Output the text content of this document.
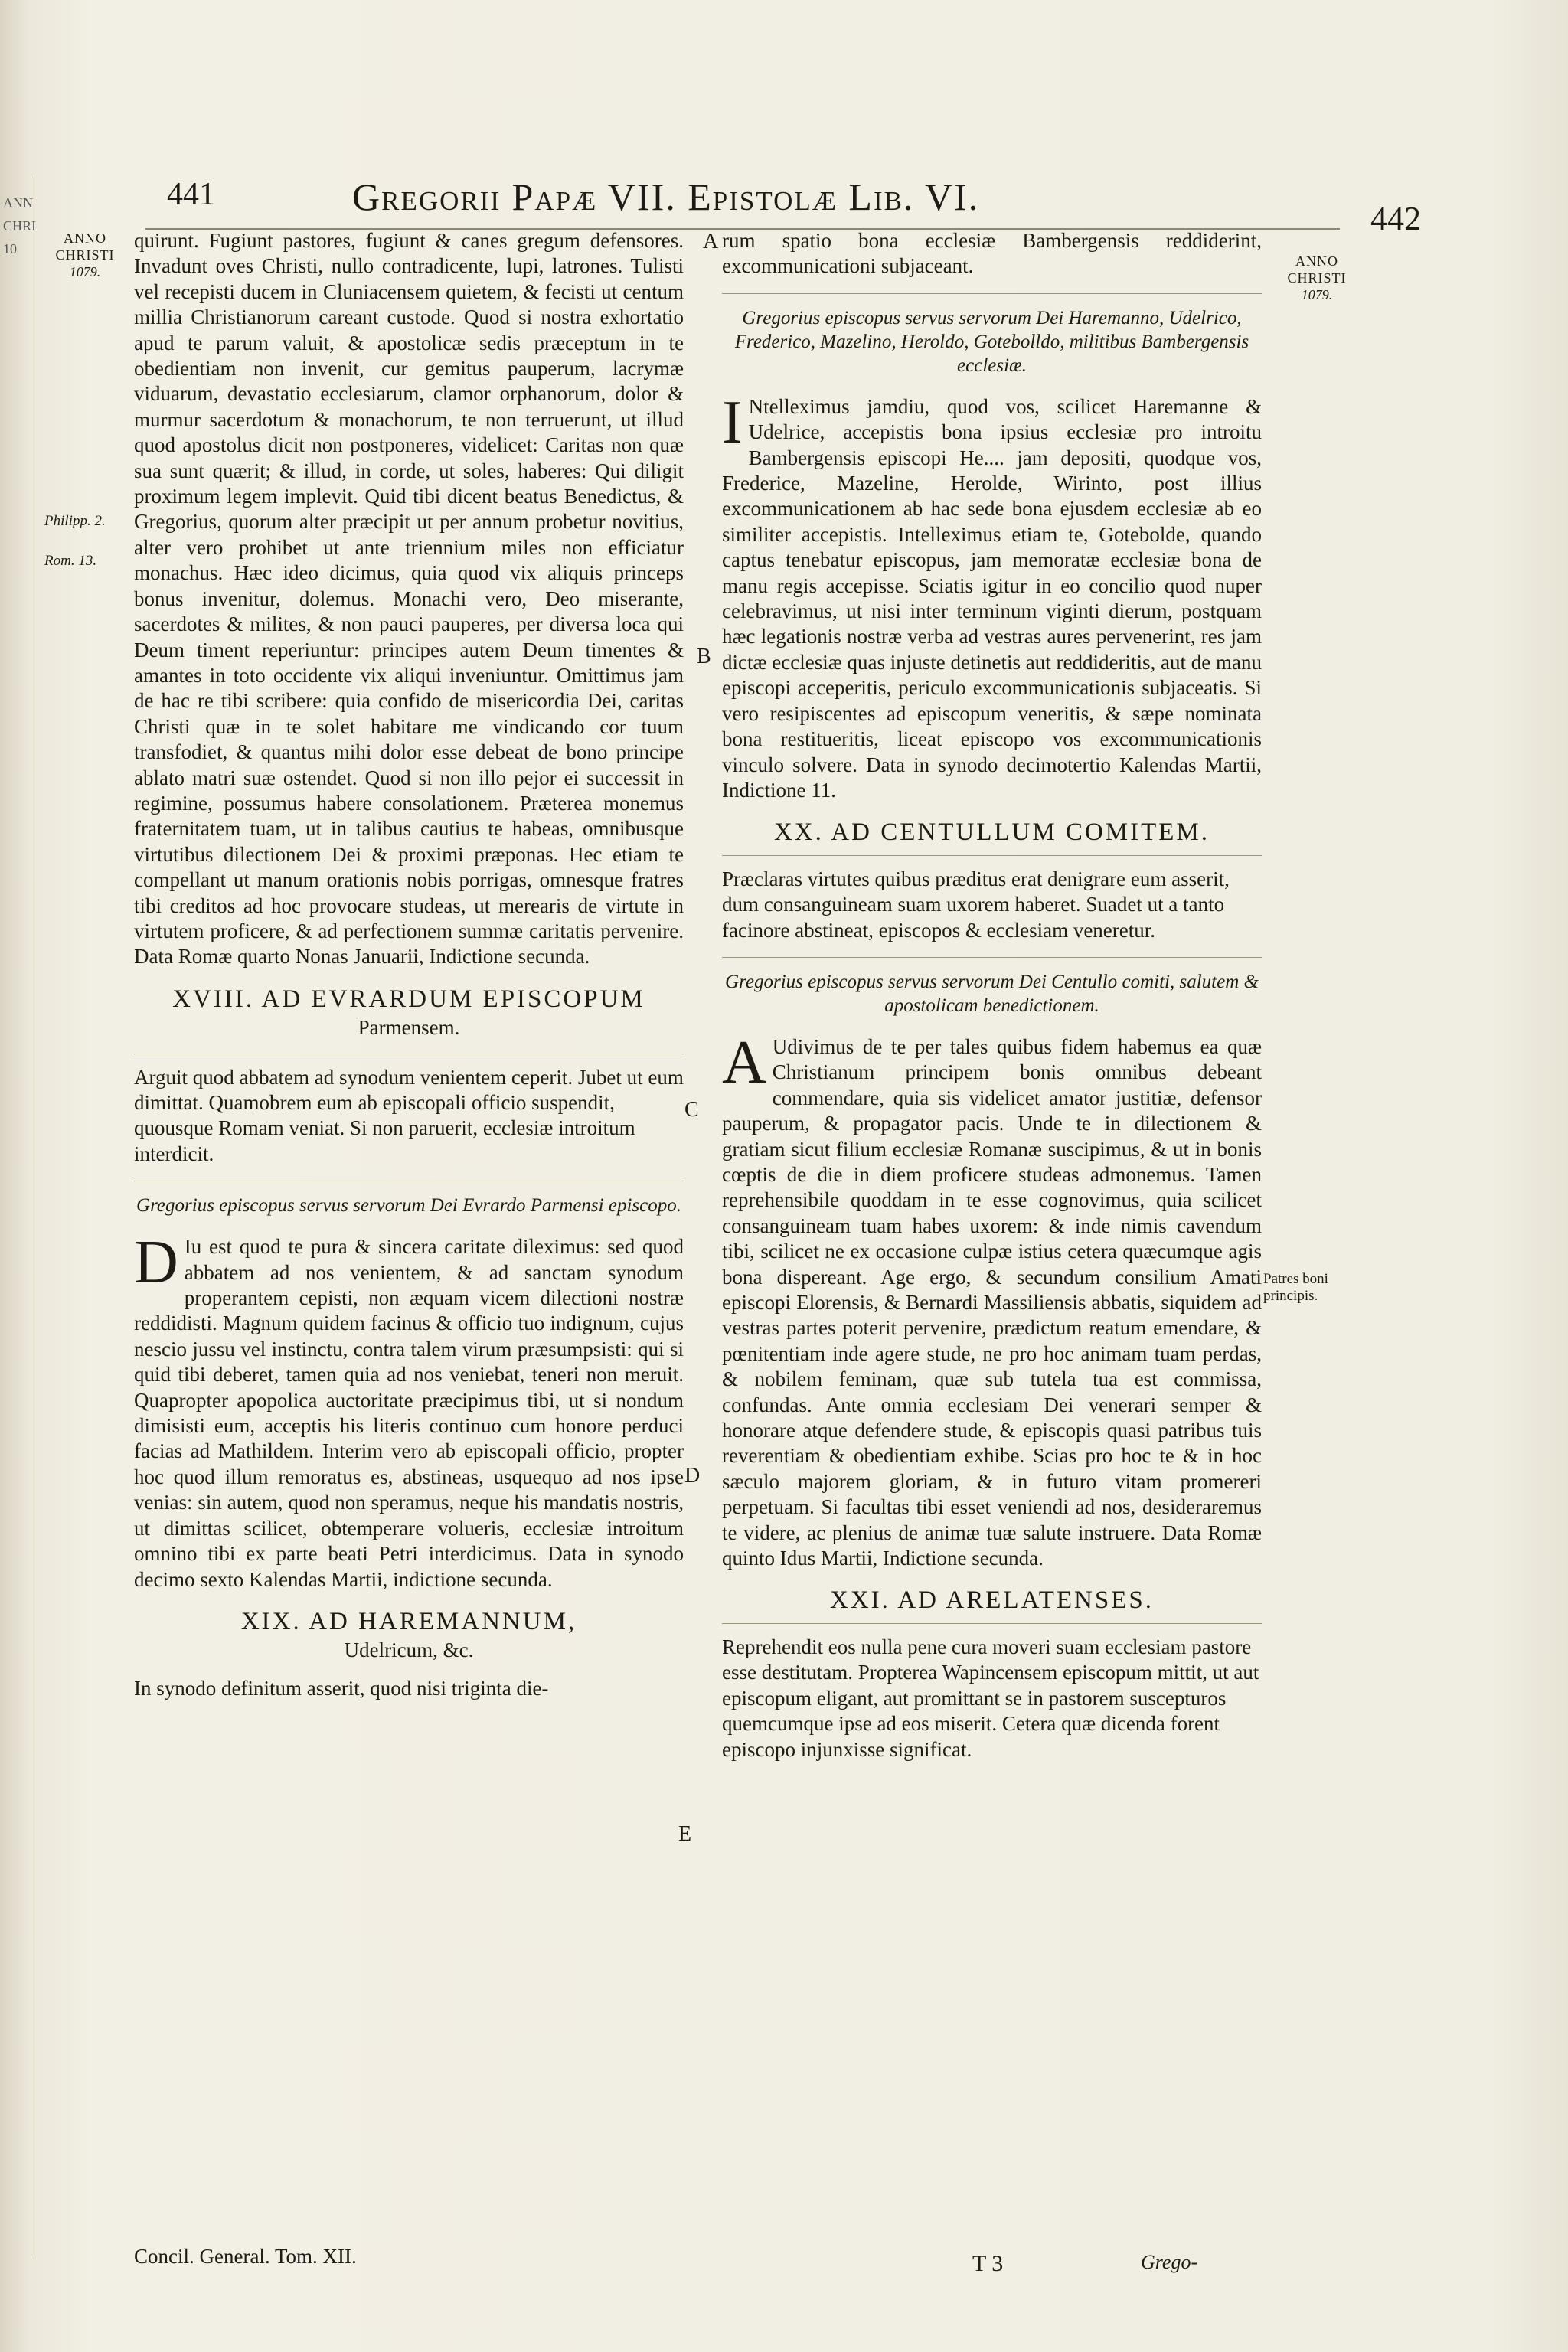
ANN
CHRI
10
441	Gregorii Papæ VII. Epistolæ Lib. VI.
442
ANNO
CHRISTI
1079.
ANNO
CHRISTI
1079.
Philipp. 2.
Rom. 13.
Patres boni
principis.
A
B
C
D
E

quirunt. Fugiunt pastores, fugiunt & canes gregum defensores. Invadunt oves Christi, nullo contradicente, lupi, latrones. Tulisti vel recepisti ducem in Cluniacensem quietem, & fecisti ut centum millia Christianorum careant custode. Quod si nostra exhortatio apud te parum valuit, & apostolicæ sedis præceptum in te obedientiam non invenit, cur gemitus pauperum, lacrymæ viduarum, devastatio ecclesiarum, clamor orphanorum, dolor & murmur sacerdotum & monachorum, te non terruerunt, ut illud quod apostolus dicit non postponeres, videlicet: Caritas non quæ sua sunt quærit; & illud, in corde, ut soles, haberes: Qui diligit proximum legem implevit. Quid tibi dicent beatus Benedictus, & Gregorius, quorum alter præcipit ut per annum probetur novitius, alter vero prohibet ut ante triennium miles non efficiatur monachus. Hæc ideo dicimus, quia quod vix aliquis princeps bonus invenitur, dolemus. Monachi vero, Deo miserante, sacerdotes & milites, & non pauci pauperes, per diversa loca qui Deum timent reperiuntur: principes autem Deum timentes & amantes in toto occidente vix aliqui inveniuntur. Omittimus jam de hac re tibi scribere: quia confido de misericordia Dei, caritas Christi quæ in te solet habitare me vindicando cor tuum transfodiet, & quantus mihi dolor esse debeat de bono principe ablato matri suæ ostendet. Quod si non illo pejor ei successit in regimine, possumus habere consolationem. Præterea monemus fraternitatem tuam, ut in talibus cautius te habeas, omnibusque virtutibus dilectionem Dei & proximi præponas. Hec etiam te compellant ut manum orationis nobis porrigas, omnesque fratres tibi creditos ad hoc provocare studeas, ut merearis de virtute in virtutem proficere, & ad perfectionem summæ caritatis pervenire. Data Romæ quarto Nonas Januarii, Indictione secunda.

XVIII. AD EVRARDUM EPISCOPUM
Parmensem.

Arguit quod abbatem ad synodum venientem ceperit. Jubet ut eum dimittat. Quamobrem eum ab episcopali officio suspendit, quousque Romam veniat. Si non paruerit, ecclesiæ introitum interdicit.

Gregorius episcopus servus servorum Dei Evrardo Parmensi episcopo.

D Iu est quod te pura & sincera caritate dileximus: sed quod abbatem ad nos venientem, & ad sanctam synodum properantem cepisti, non æquam vicem dilectioni nostræ reddidisti. Magnum quidem facinus & officio tuo indignum, cujus nescio jussu vel instinctu, contra talem virum præsumpsisti: qui si quid tibi deberet, tamen quia ad nos veniebat, teneri non meruit. Quapropter apopolica auctoritate præcipimus tibi, ut si nondum dimisisti eum, acceptis his literis continuo cum honore perduci facias ad Mathildem. Interim vero ab episcopali officio, propter hoc quod illum remoratus es, abstineas, usquequo ad nos ipse venias: sin autem, quod non speramus, neque his mandatis nostris, ut dimittas scilicet, obtemperare volueris, ecclesiæ introitum omnino tibi ex parte beati Petri interdicimus. Data in synodo decimo sexto Kalendas Martii, indictione secunda.

XIX. AD HAREMANNUM,
Udelricum, &c.

In synodo definitum asserit, quod nisi triginta die-

Concil. General. Tom. XII.

rum spatio bona ecclesiæ Bambergensis reddiderint, excommunicationi subjaceant.

Gregorius episcopus servus servorum Dei Haremanno, Udelrico, Frederico, Mazelino, Heroldo, Gotebolldo, militibus Bambergensis ecclesiæ.

I Ntelleximus jamdiu, quod vos, scilicet Haremanne & Udelrice, accepistis bona ipsius ecclesiæ pro introitu Bambergensis episcopi He.... jam depositi, quodque vos, Frederice, Mazeline, Herolde, Wirinto, post illius excommunicationem ab hac sede bona ejusdem ecclesiæ ab eo similiter accepistis. Intelleximus etiam te, Gotebolde, quando captus tenebatur episcopus, jam memoratæ ecclesiæ bona de manu regis accepisse. Sciatis igitur in eo concilio quod nuper celebravimus, ut nisi inter terminum viginti dierum, postquam hæc legationis nostræ verba ad vestras aures pervenerint, res jam dictæ ecclesiæ quas injuste detinetis aut reddideritis, aut de manu episcopi acceperitis, periculo excommunicationis subjaceatis. Si vero resipiscentes ad episcopum veneritis, & sæpe nominata bona restitueritis, liceat episcopo vos excommunicationis vinculo solvere. Data in synodo decimotertio Kalendas Martii, Indictione 11.

XX. AD CENTULLUM COMITEM.

Præclaras virtutes quibus præditus erat denigrare eum asserit, dum consanguineam suam uxorem haberet. Suadet ut a tanto facinore abstineat, episcopos & ecclesiam veneretur.

Gregorius episcopus servus servorum Dei Centullo comiti, salutem & apostolicam benedictionem.

A Udivimus de te per tales quibus fidem habemus ea quæ Christianum principem bonis omnibus debeant commendare, quia sis videlicet amator justitiæ, defensor pauperum, & propagator pacis. Unde te in dilectionem & gratiam sicut filium ecclesiæ Romanæ suscipimus, & ut in bonis cœptis de die in diem proficere studeas admonemus. Tamen reprehensibile quoddam in te esse cognovimus, quia scilicet consanguineam tuam habes uxorem: & inde nimis cavendum tibi, scilicet ne ex occasione culpæ istius cetera quæcumque agis bona dispereant. Age ergo, & secundum consilium Amati episcopi Elorensis, & Bernardi Massiliensis abbatis, siquidem ad vestras partes poterit pervenire, prædictum reatum emendare, & pœnitentiam inde agere stude, ne pro hoc animam tuam perdas, & nobilem feminam, quæ sub tutela tua est commissa, confundas. Ante omnia ecclesiam Dei venerari semper & honorare atque defendere stude, & episcopis quasi patribus tuis reverentiam & obedientiam exhibe. Scias pro hoc te & in hoc sæculo majorem gloriam, & in futuro vitam promereri perpetuam. Si facultas tibi esset veniendi ad nos, desideraremus te videre, ac plenius de animæ tuæ salute instruere. Data Romæ quinto Idus Martii, Indictione secunda.

XXI. AD ARELATENSES.

Reprehendit eos nulla pene cura moveri suam ecclesiam pastore esse destitutam. Propterea Wapincensem episcopum mittit, ut aut episcopum eligant, aut promittant se in pastorem suscepturos quemcumque ipse ad eos miserit. Cetera quæ dicenda forent episcopo injunxisse significat.

T 3	Grego-
